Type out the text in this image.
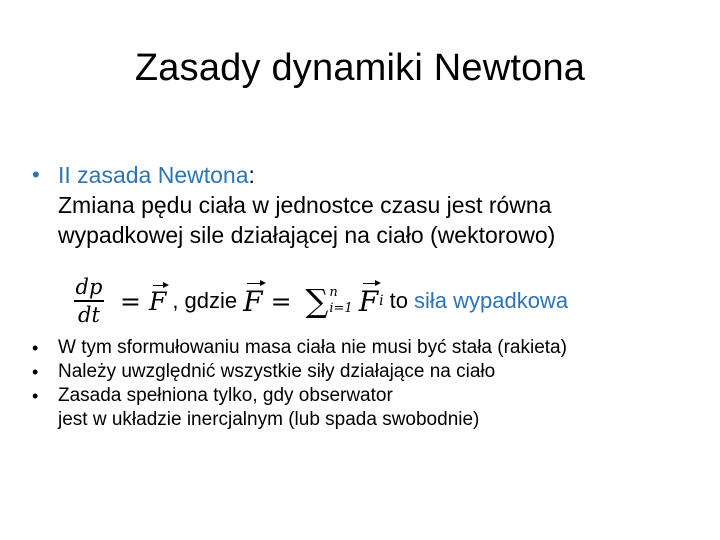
Zasady dynamiki Newtona
• II zasada Newtona:
Zmiana pędu ciała w jednostce czasu jest równa
wypadkowej sile działającej na ciało (wektorowo)
$\frac{dp}{dt} = F$ , gdzie F = ∑ n
i=1 F i to siła wypadkowa
•	W tym sformułowaniu masa ciała nie musi być stała (rakieta)
•	Należy uwzględnić wszystkie siły działające na ciało
•	Zasada spełniona tylko, gdy obserwator
jest w układzie inercjalnym (lub spada swobodnie)
